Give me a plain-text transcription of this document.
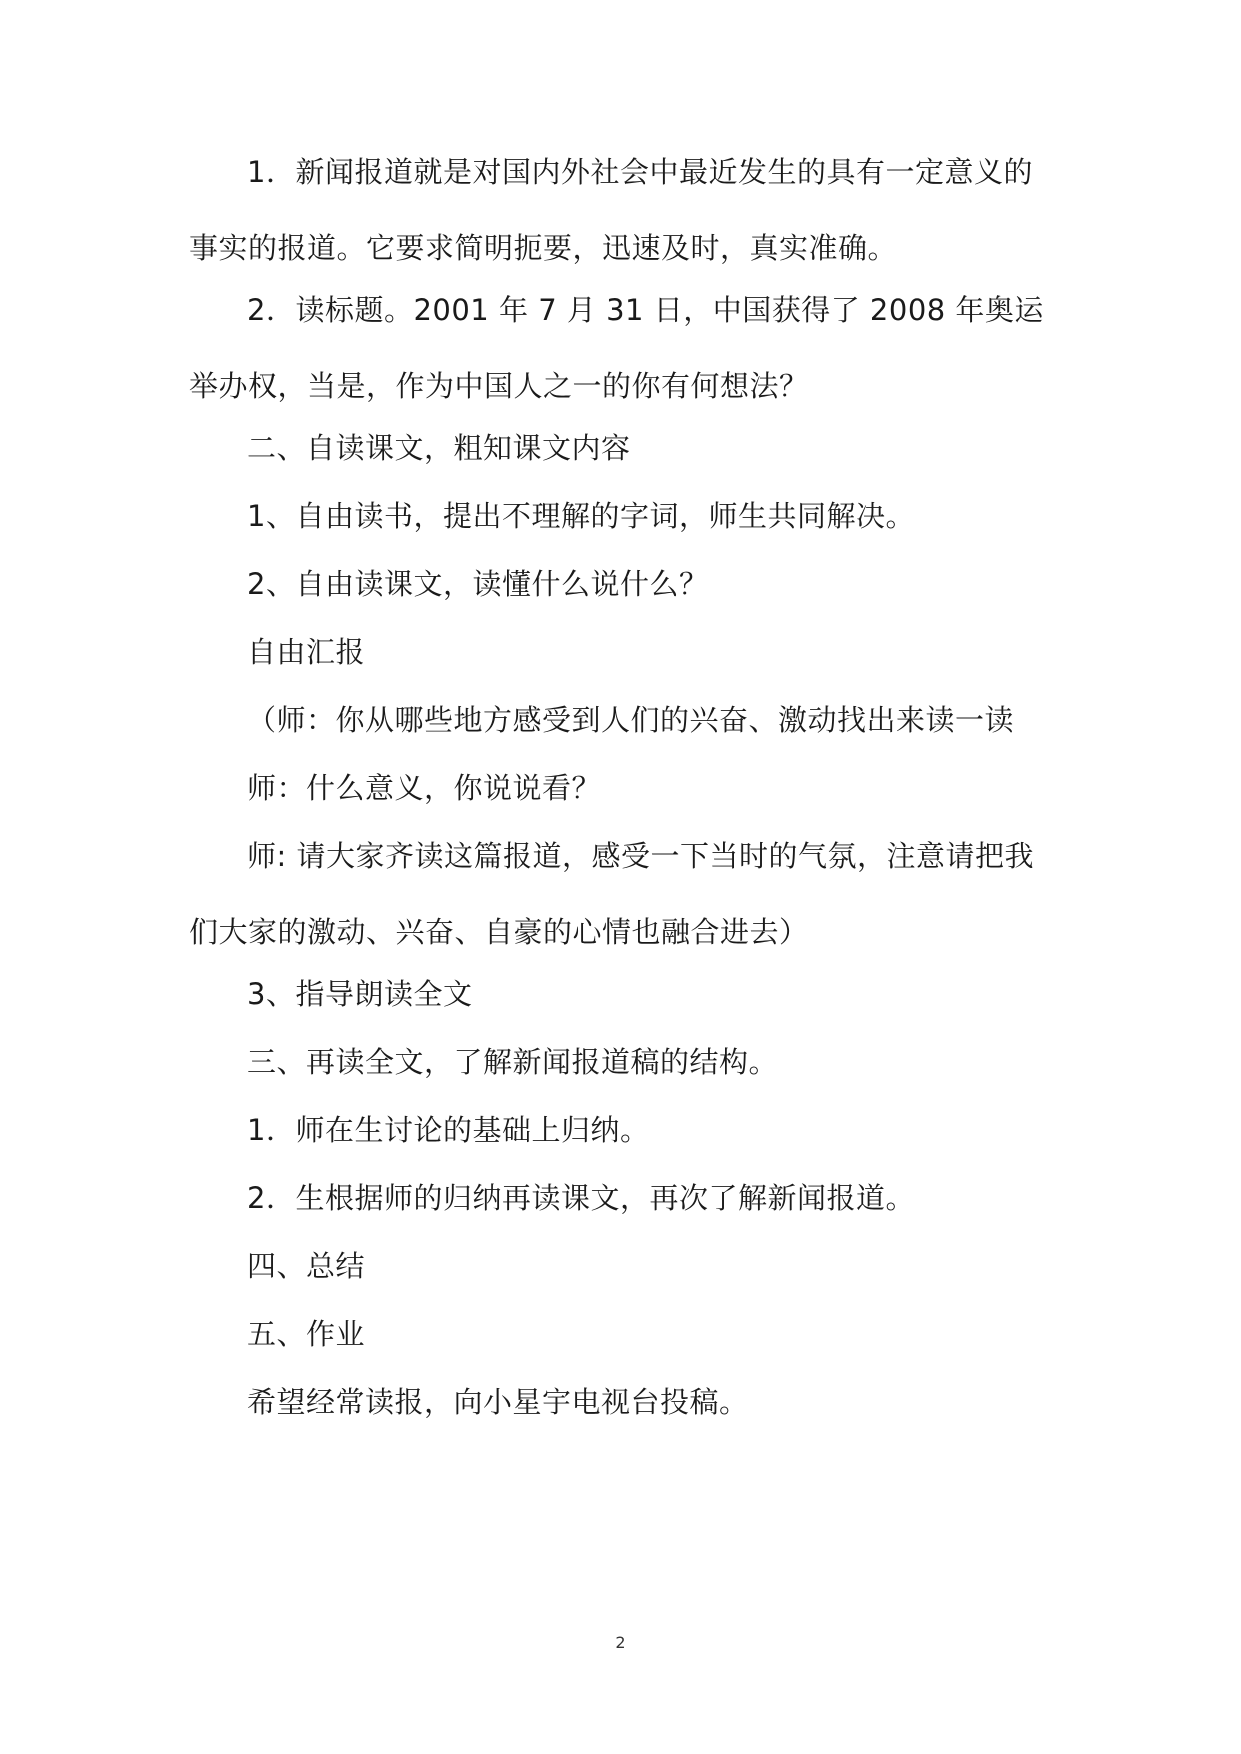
1．新闻报道就是对国内外社会中最近发生的具有一定意义的事实的报道。它要求简明扼要，迅速及时，真实准确。

2．读标题。2001 年 7 月 31 日，中国获得了 2008 年奥运举办权，当是，作为中国人之一的你有何想法？

二、自读课文，粗知课文内容

1、自由读书，提出不理解的字词，师生共同解决。

2、自由读课文，读懂什么说什么？

自由汇报

（师：你从哪些地方感受到人们的兴奋、激动找出来读一读

师：什么意义，你说说看？

师: 请大家齐读这篇报道，感受一下当时的气氛，注意请把我们大家的激动、兴奋、自豪的心情也融合进去）

3、指导朗读全文

三、再读全文，了解新闻报道稿的结构。

1．师在生讨论的基础上归纳。

2．生根据师的归纳再读课文，再次了解新闻报道。

四、总结

五、作业

希望经常读报，向小星宇电视台投稿。

2
